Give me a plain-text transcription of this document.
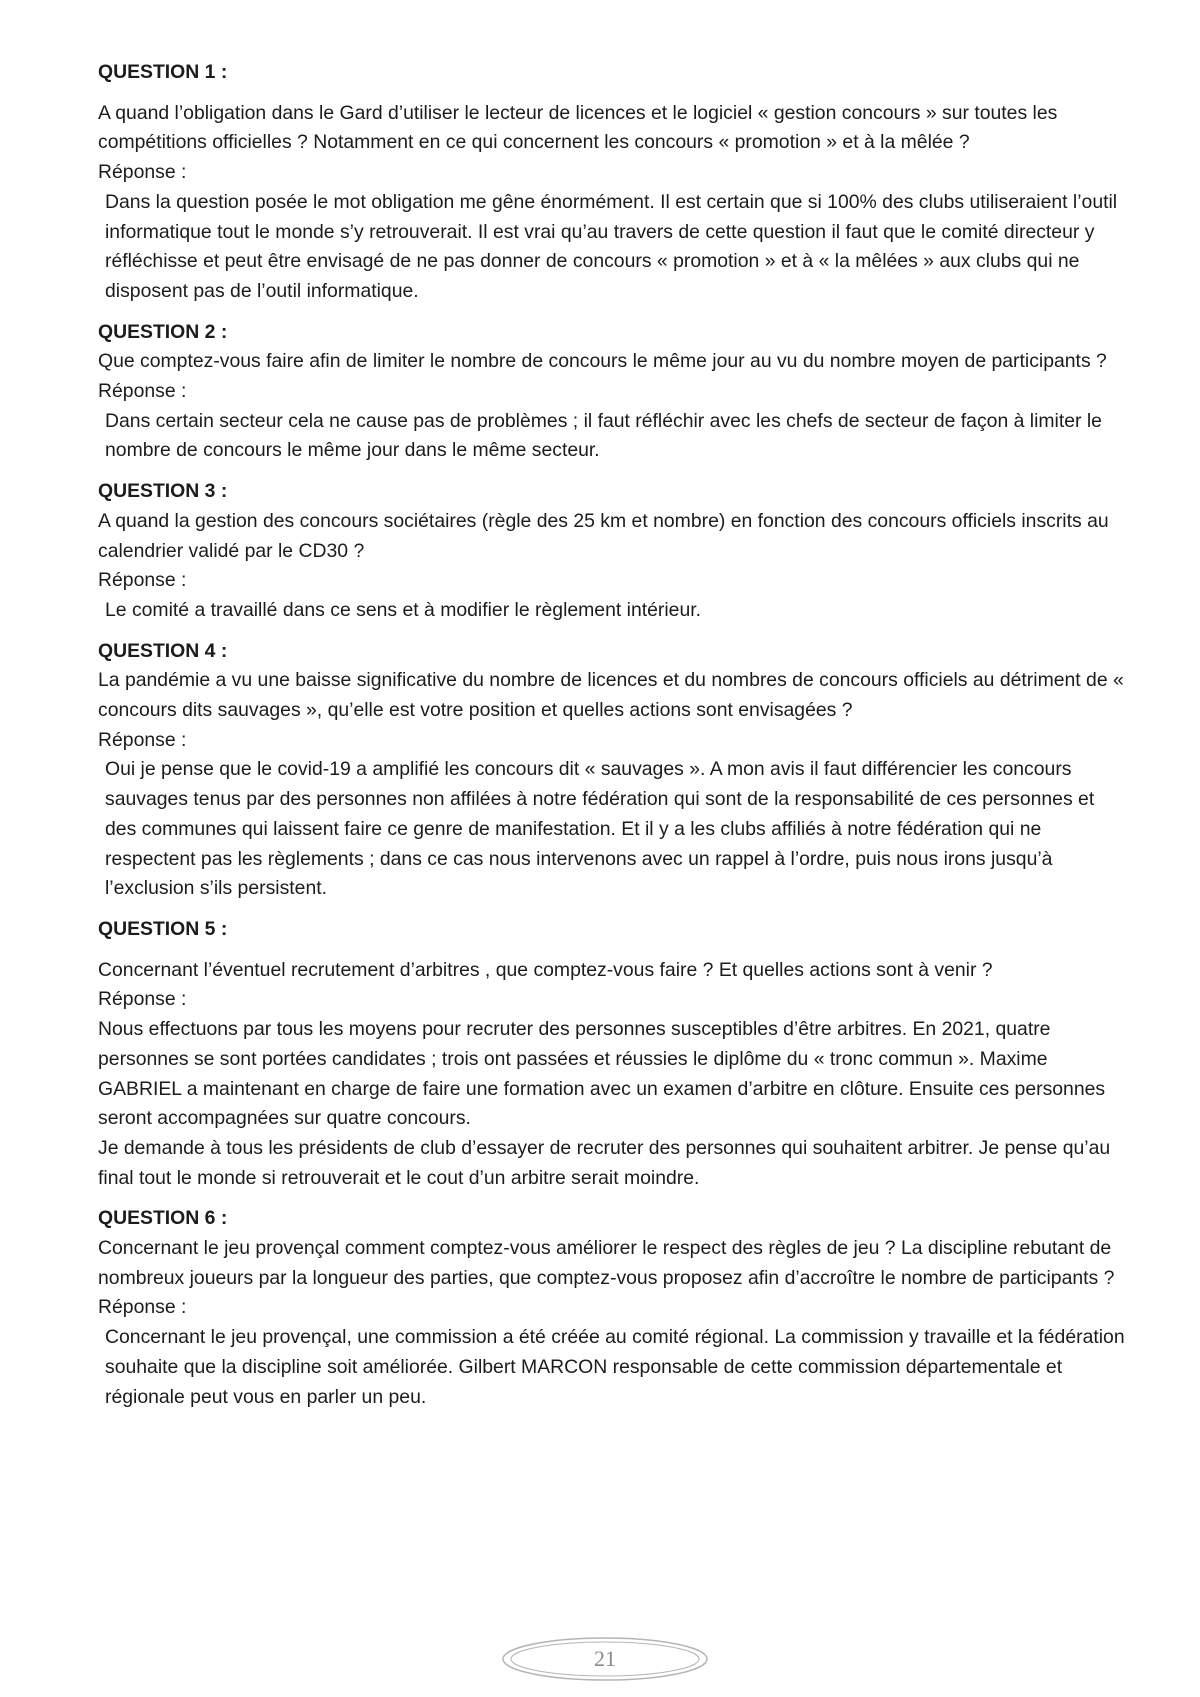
QUESTION 1 :

A quand l’obligation dans le Gard d’utiliser le lecteur de licences et le logiciel « gestion concours » sur toutes les compétitions officielles ? Notamment en ce qui concernent les concours « promotion » et à la mêlée ?

Réponse :

Dans la question posée le mot obligation me gêne énormément. Il est certain que si 100% des clubs utiliseraient l’outil informatique tout le monde s’y retrouverait. Il est vrai qu’au travers de cette question il faut que le comité directeur y réfléchisse et peut être envisagé de ne pas donner de concours « promotion » et à « la mêlées » aux clubs qui ne disposent pas de l’outil informatique.

QUESTION 2 :

Que comptez-vous faire afin de limiter le nombre de concours le même jour au vu du nombre moyen de participants ?

Réponse :

Dans certain secteur cela ne cause pas de problèmes ; il faut réfléchir avec les chefs de secteur de façon à limiter le nombre de concours le même jour dans le même secteur.

QUESTION 3 :

A quand la gestion des concours sociétaires (règle des 25 km et nombre) en fonction des concours officiels inscrits au calendrier validé par le CD30 ?

Réponse :

Le comité a travaillé dans ce sens et à modifier le règlement intérieur.

QUESTION 4 :

La pandémie a vu une baisse significative du nombre de licences et du nombres de concours officiels au détriment de « concours dits sauvages », qu’elle est votre position et quelles actions sont envisagées ?

Réponse :

Oui je pense que le covid-19 a amplifié les concours dit « sauvages ». A mon avis il faut différencier les concours sauvages tenus par des personnes non affilées à notre fédération qui sont de la responsabilité de ces personnes et des communes qui laissent faire ce genre de manifestation. Et il y a les clubs affiliés à notre fédération qui ne respectent pas les règlements ; dans ce cas nous intervenons avec un rappel à l’ordre, puis nous irons jusqu’à l’exclusion s’ils persistent.

QUESTION 5 :

Concernant l’éventuel recrutement d’arbitres , que comptez-vous faire ? Et quelles actions sont à venir ?

Réponse :

Nous effectuons par tous les moyens pour recruter des personnes susceptibles d’être arbitres. En 2021, quatre personnes se sont portées candidates ; trois ont passées et réussies le diplôme du « tronc commun ». Maxime GABRIEL a maintenant en charge de faire une formation avec un examen d’arbitre en clôture. Ensuite ces personnes seront accompagnées sur quatre concours.

Je demande à tous les présidents de club d’essayer de recruter des personnes qui souhaitent arbitrer. Je pense qu’au final tout le monde si retrouverait et le cout d’un arbitre serait moindre.

QUESTION 6 :

Concernant le jeu provençal comment comptez-vous améliorer le respect des règles de jeu ? La discipline rebutant de nombreux joueurs par la longueur des parties, que comptez-vous proposez afin d’accroître le nombre de participants ?

Réponse :

Concernant le jeu provençal, une commission a été créée au comité régional. La commission y travaille et la fédération souhaite que la discipline soit améliorée. Gilbert MARCON responsable de cette commission départementale et régionale peut vous en parler un peu.

21
